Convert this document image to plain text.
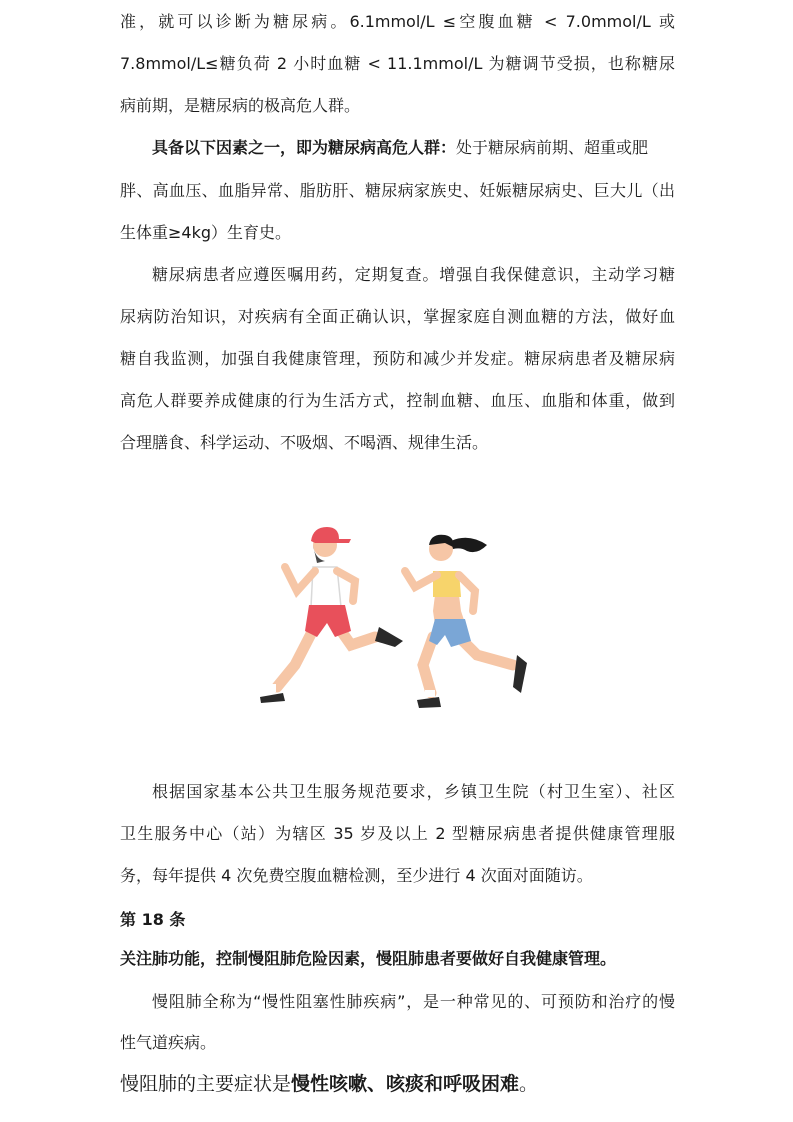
准，就可以诊断为糖尿病。6.1mmol/L ≤空腹血糖 < 7.0mmol/L 或
7.8mmol/L≤糖负荷 2 小时血糖 < 11.1mmol/L 为糖调节受损，也称糖尿
病前期，是糖尿病的极高危人群。
具备以下因素之一，即为糖尿病高危人群：处于糖尿病前期、超重或肥
胖、高血压、血脂异常、脂肪肝、糖尿病家族史、妊娠糖尿病史、巨大儿（出
生体重≥4kg）生育史。
糖尿病患者应遵医嘱用药，定期复查。增强自我保健意识，主动学习糖
尿病防治知识，对疾病有全面正确认识，掌握家庭自测血糖的方法，做好血
糖自我监测，加强自我健康管理，预防和减少并发症。糖尿病患者及糖尿病
高危人群要养成健康的行为生活方式，控制血糖、血压、血脂和体重，做到
合理膳食、科学运动、不吸烟、不喝酒、规律生活。
根据国家基本公共卫生服务规范要求，乡镇卫生院（村卫生室）、社区
卫生服务中心（站）为辖区 35 岁及以上 2 型糖尿病患者提供健康管理服
务，每年提供 4 次免费空腹血糖检测，至少进行 4 次面对面随访。
第 18 条
关注肺功能，控制慢阻肺危险因素，慢阻肺患者要做好自我健康管理。
慢阻肺全称为“慢性阻塞性肺疾病”，是一种常见的、可预防和治疗的慢
性气道疾病。
慢阻肺的主要症状是慢性咳嗽、咳痰和呼吸困难。
